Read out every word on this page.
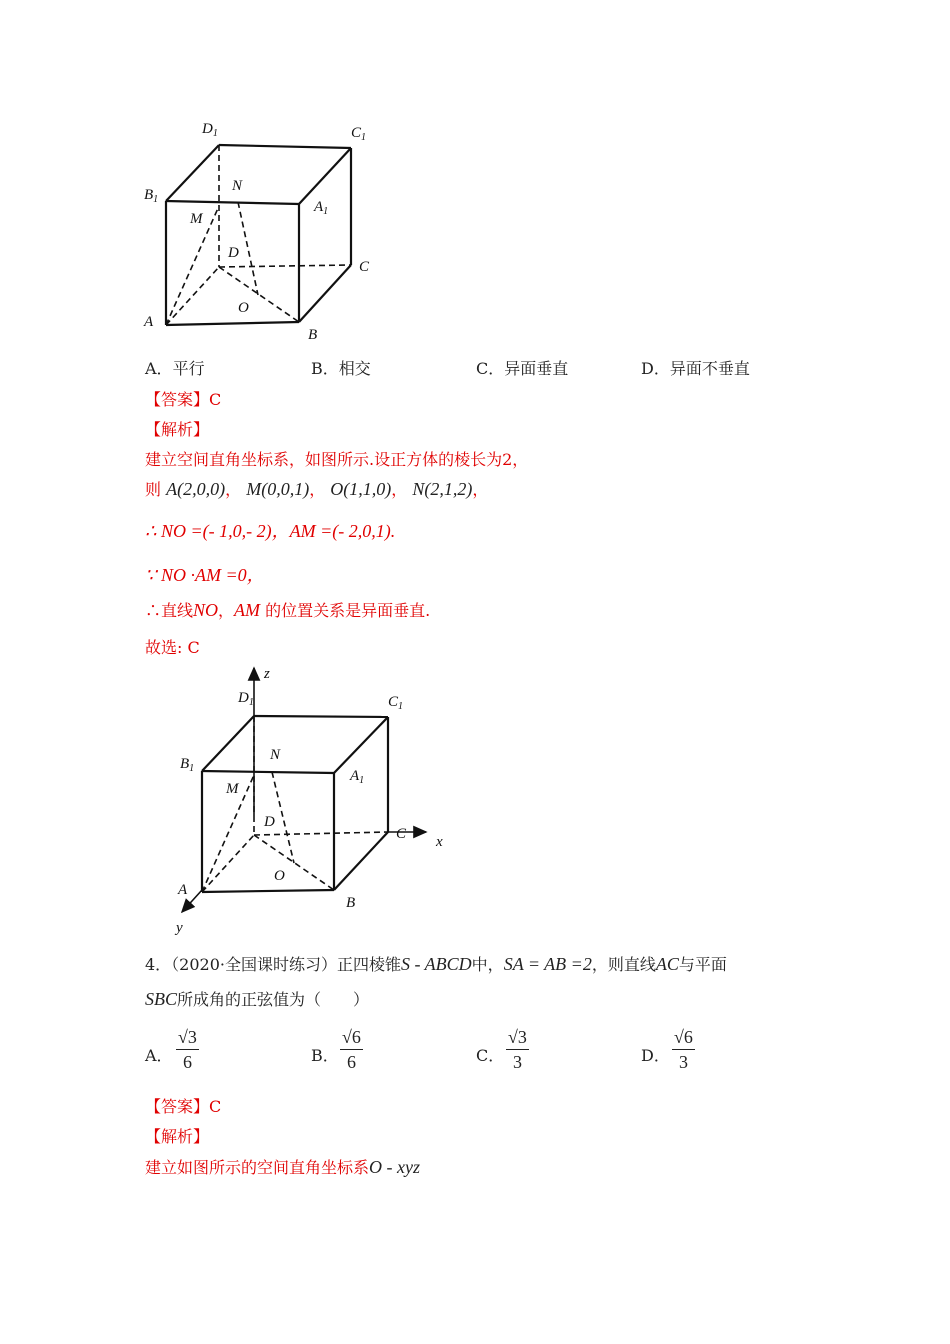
$D_1$	$C_1$
$B_1$	$A_1$
N
M
D
C
O
A
B
A．平行	B．相交	C．异面垂直	D．异面不垂直
【答案】C
【解析】
建立空间直角坐标系，如图所示.设正方体的棱长为2，
则 A(2,0,0)， M(0,0,1)， O(1,1,0)， N(2,1,2)，
∴ NO =(- 1,0,- 2)，AM =(- 2,0,1).
∵ NO ·AM =0，
∴直线NO，AM 的位置关系是异面垂直.
故选: C
z
x
y
$D_1$	$C_1$
$B_1$	$A_1$
N
M
D
C
O
A
B
4．（2020·全国课时练习）正四棱锥S - ABCD中，SA = AB =2，则直线AC与平面
SBC所成角的正弦值为（　　）
A． $\frac{√3}{6}$	B． $\frac{√6}{6}$	C． $\frac{√3}{3}$	D． $\frac{√6}{3}$
【答案】C
【解析】
建立如图所示的空间直角坐标系O - xyz
